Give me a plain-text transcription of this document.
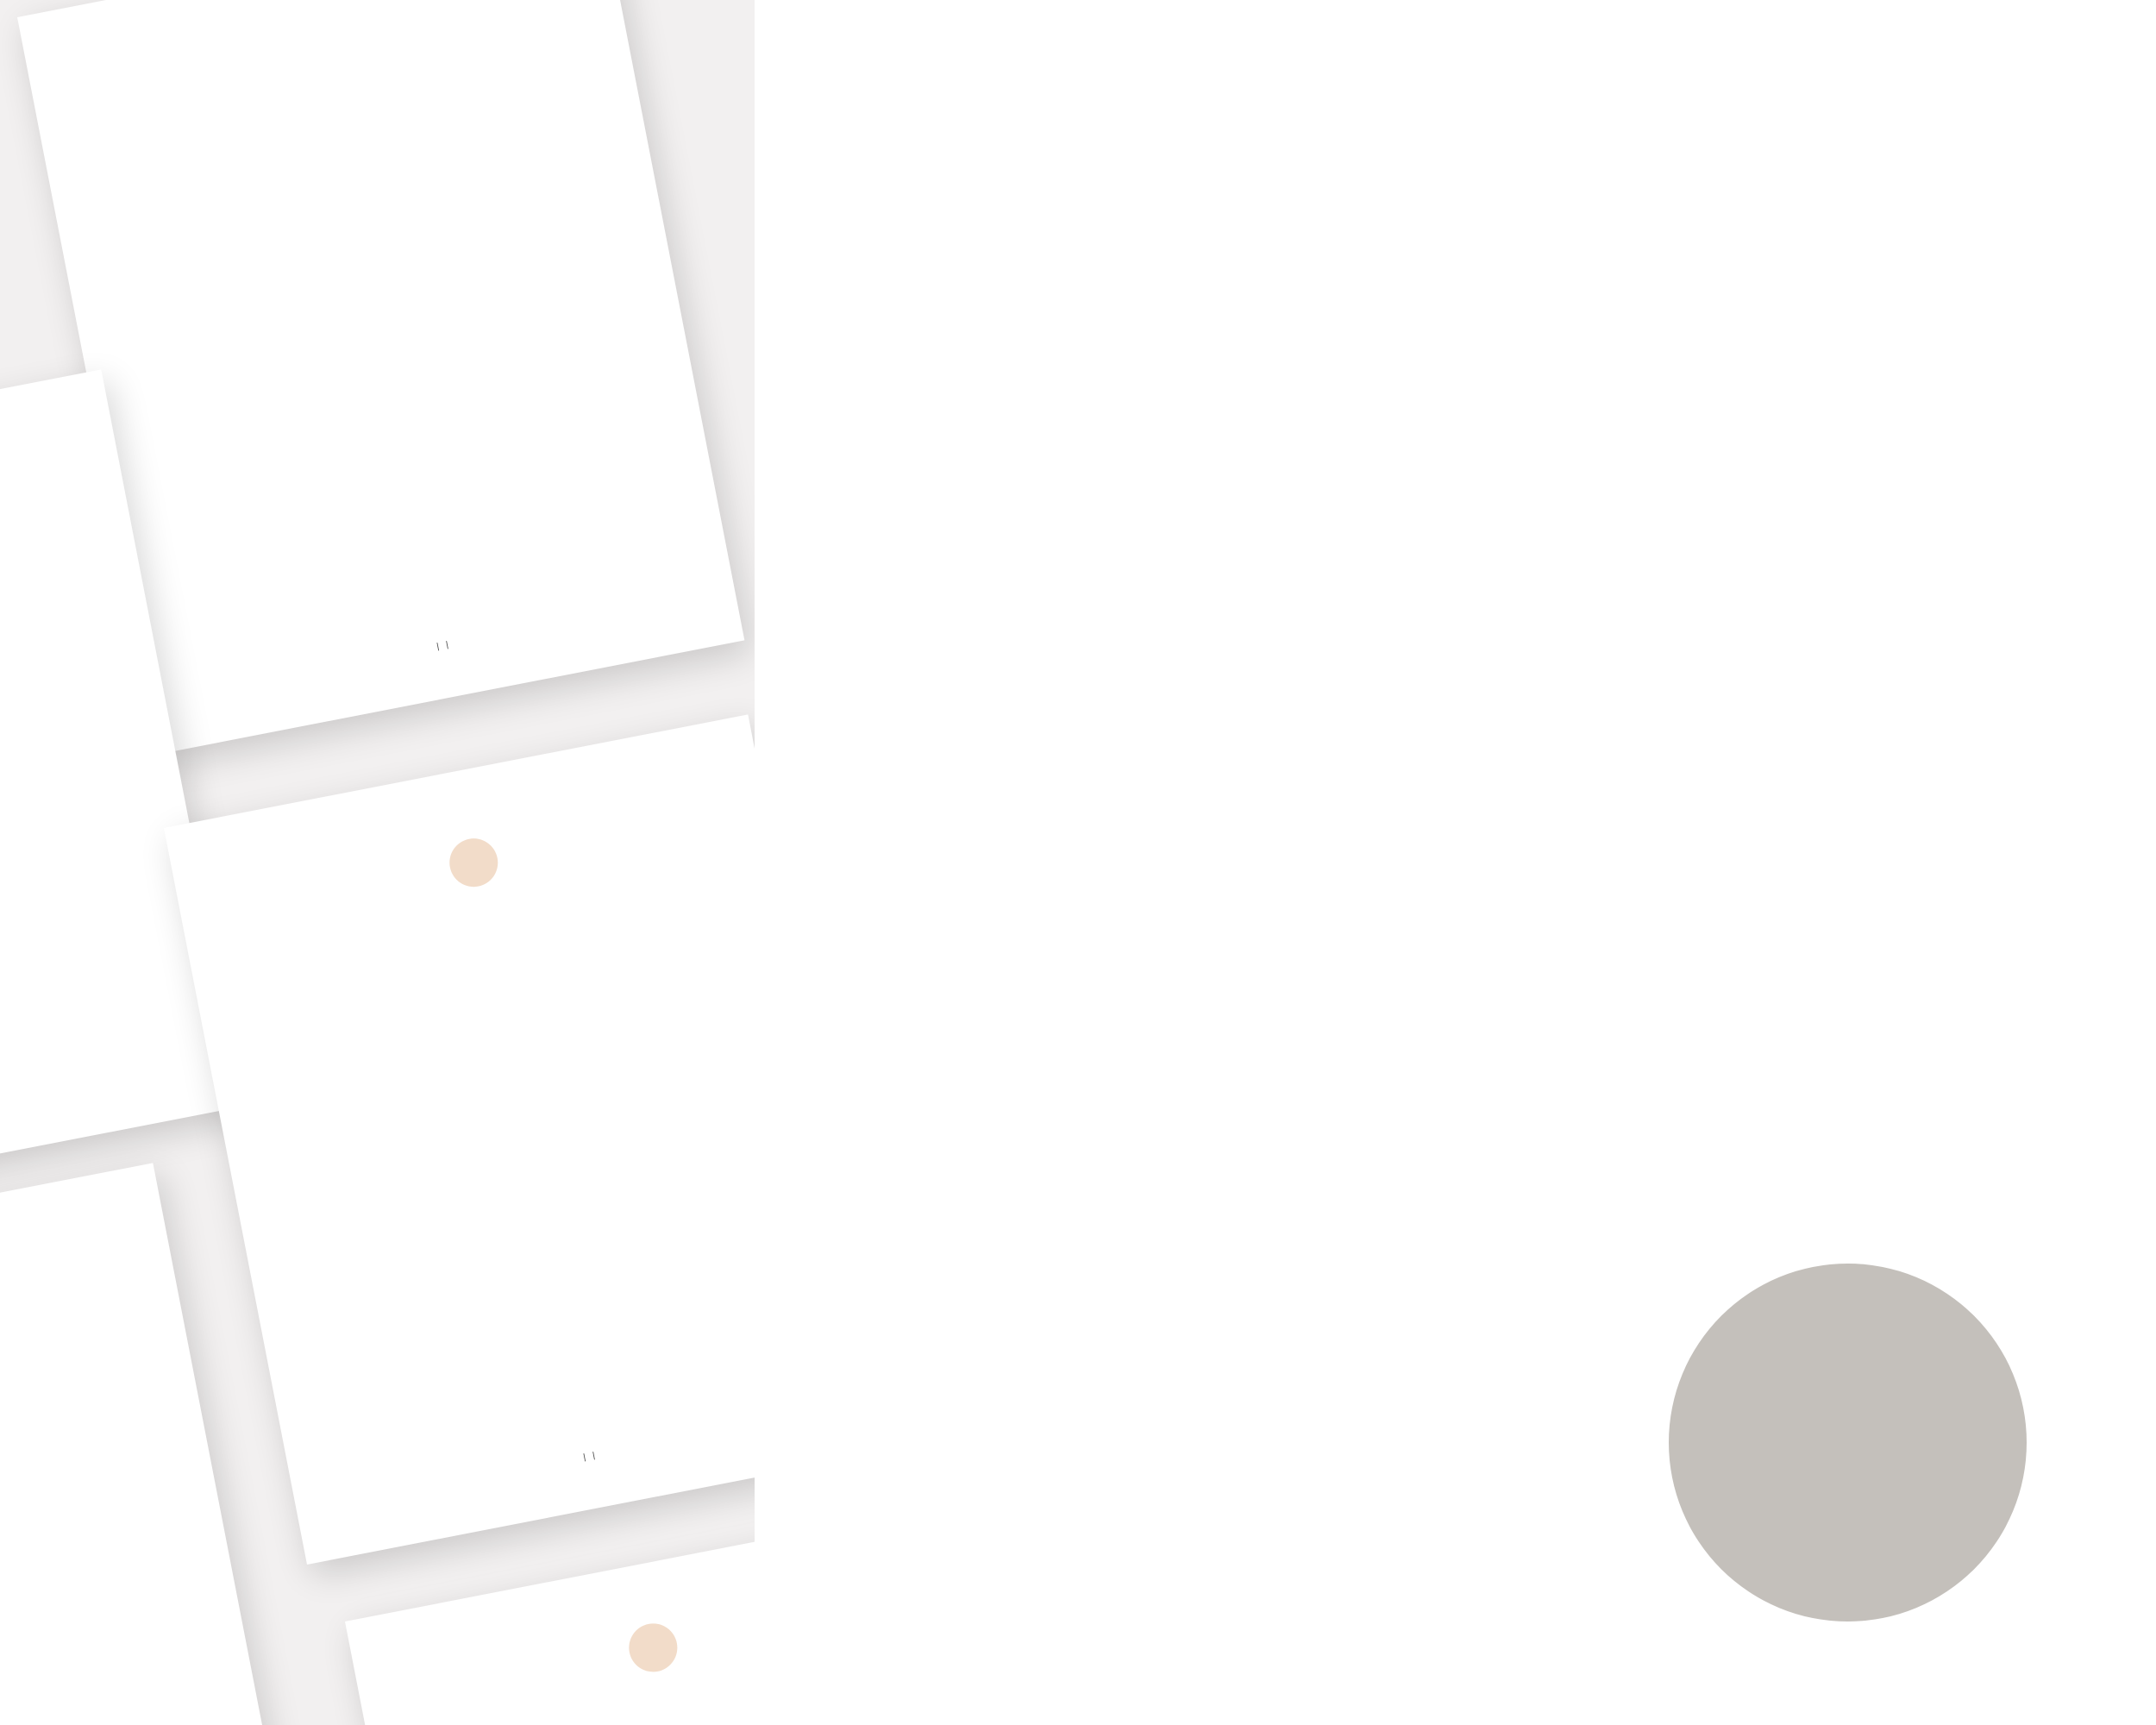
|   |
|   |
